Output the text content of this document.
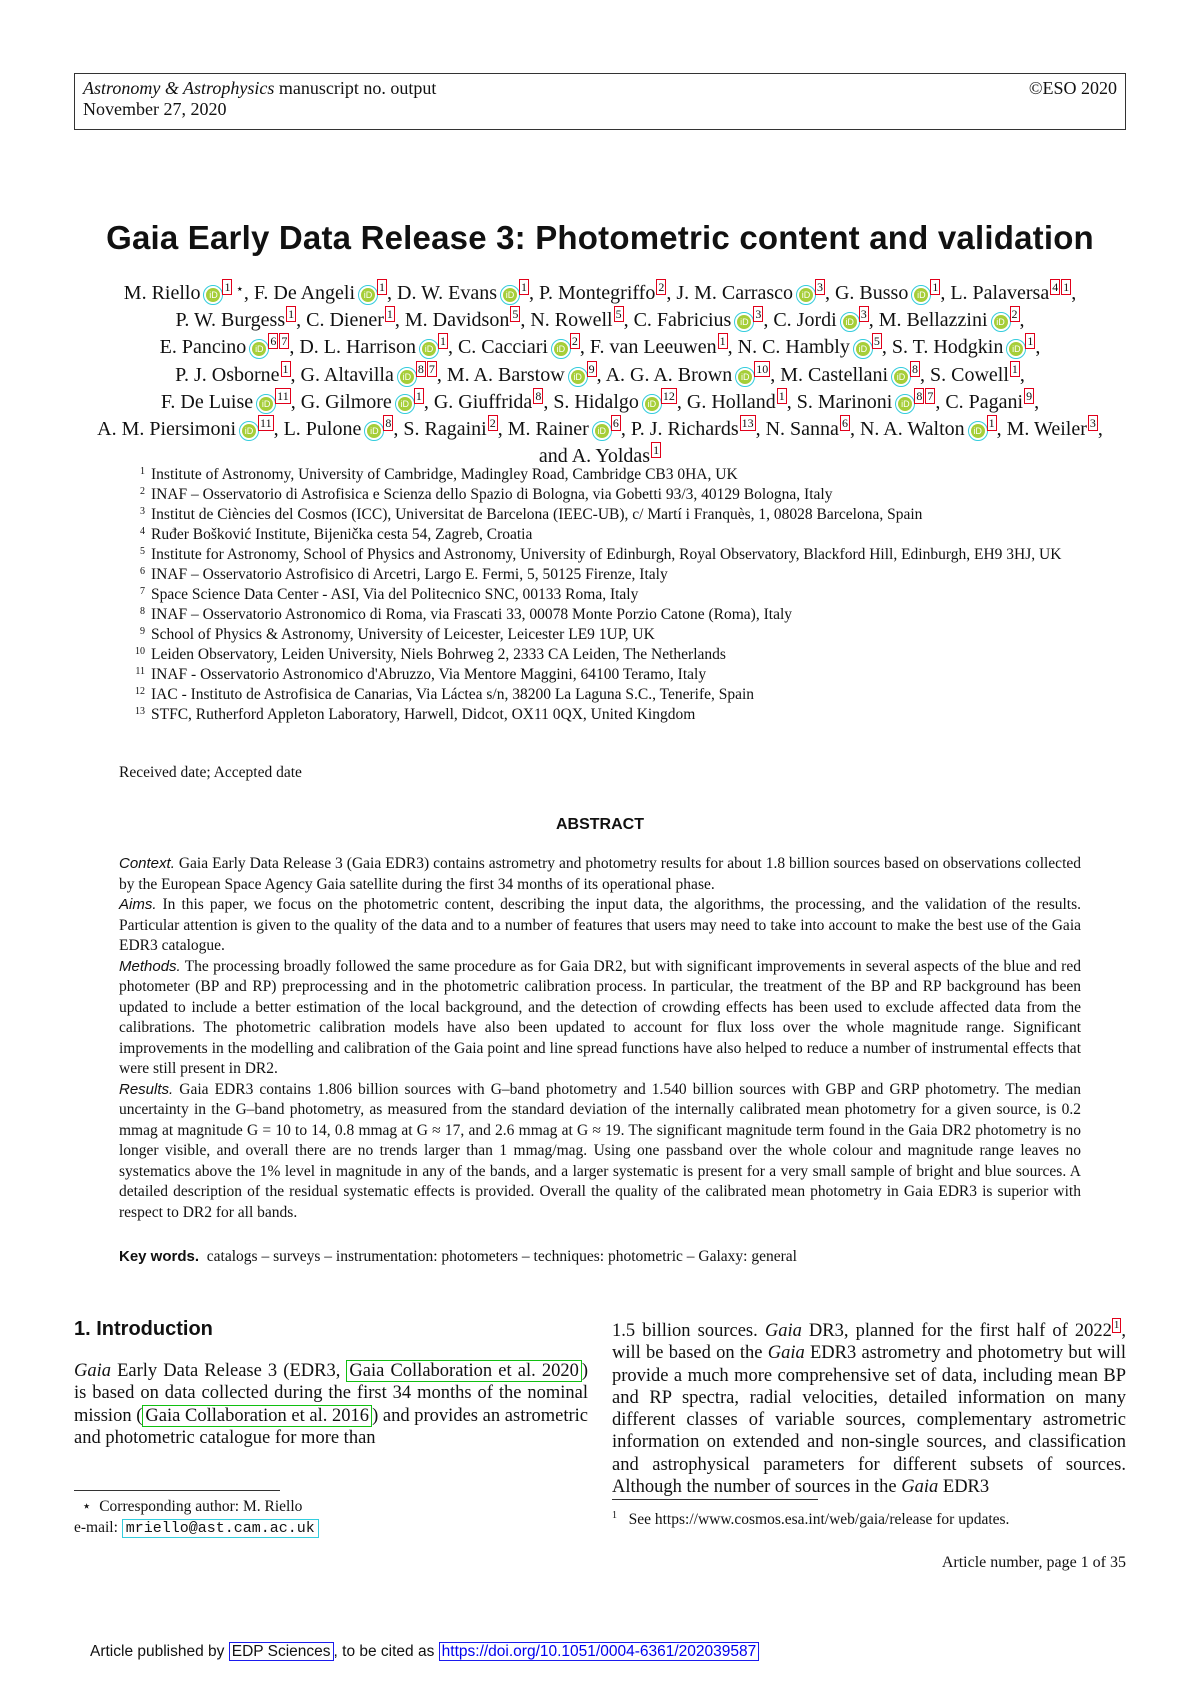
Astronomy & Astrophysics manuscript no. output
November 27, 2020
©ESO 2020
Gaia Early Data Release 3: Photometric content and validation
M. Riello iD1 ⋆, F. De Angeli iD1 , D. W. Evans iD1 , P. Montegriffo 2 , J. M. Carrasco iD3 , G. Busso iD1 , L. Palaversa 4 1 ,
P. W. Burgess 1 , C. Diener 1 , M. Davidson 5 , N. Rowell 5 , C. Fabricius iD3 , C. Jordi iD3 , M. Bellazzini iD2 ,
E. Pancino iD6 7 , D. L. Harrison iD1 , C. Cacciari iD2 , F. van Leeuwen 1 , N. C. Hambly iD5 , S. T. Hodgkin iD1 ,
P. J. Osborne 1 , G. Altavilla iD8 7 , M. A. Barstow iD9 , A. G. A. Brown iD10 , M. Castellani iD8 , S. Cowell 1 ,
F. De Luise iD11 , G. Gilmore iD1 , G. Giuffrida 8 , S. Hidalgo iD12 , G. Holland 1 , S. Marinoni iD8 7 , C. Pagani 9 ,
A. M. Piersimoni iD11 , L. Pulone iD8 , S. Ragaini 2 , M. Rainer iD6 , P. J. Richards 13 , N. Sanna 6 , N. A. Walton iD1 , M. Weiler 3 , and A. Yoldas 1
1 Institute of Astronomy, University of Cambridge, Madingley Road, Cambridge CB3 0HA, UK
2 INAF – Osservatorio di Astrofisica e Scienza dello Spazio di Bologna, via Gobetti 93/3, 40129 Bologna, Italy
3 Institut de Ciències del Cosmos (ICC), Universitat de Barcelona (IEEC-UB), c/ Martí i Franquès, 1, 08028 Barcelona, Spain
4 Ruđer Bošković Institute, Bijenička cesta 54, Zagreb, Croatia
5 Institute for Astronomy, School of Physics and Astronomy, University of Edinburgh, Royal Observatory, Blackford Hill, Edinburgh, EH9 3HJ, UK
6 INAF – Osservatorio Astrofisico di Arcetri, Largo E. Fermi, 5, 50125 Firenze, Italy
7 Space Science Data Center - ASI, Via del Politecnico SNC, 00133 Roma, Italy
8 INAF – Osservatorio Astronomico di Roma, via Frascati 33, 00078 Monte Porzio Catone (Roma), Italy
9 School of Physics & Astronomy, University of Leicester, Leicester LE9 1UP, UK
10 Leiden Observatory, Leiden University, Niels Bohrweg 2, 2333 CA Leiden, The Netherlands
11 INAF - Osservatorio Astronomico d'Abruzzo, Via Mentore Maggini, 64100 Teramo, Italy
12 IAC - Instituto de Astrofisica de Canarias, Via Láctea s/n, 38200 La Laguna S.C., Tenerife, Spain
13 STFC, Rutherford Appleton Laboratory, Harwell, Didcot, OX11 0QX, United Kingdom
Received date; Accepted date
ABSTRACT

Context. Gaia Early Data Release 3 (Gaia EDR3) contains astrometry and photometry results for about 1.8 billion sources based on observations collected by the European Space Agency Gaia satellite during the first 34 months of its operational phase.

Aims. In this paper, we focus on the photometric content, describing the input data, the algorithms, the processing, and the validation of the results. Particular attention is given to the quality of the data and to a number of features that users may need to take into account to make the best use of the Gaia EDR3 catalogue.

Methods. The processing broadly followed the same procedure as for Gaia DR2, but with significant improvements in several aspects of the blue and red photometer (BP and RP) preprocessing and in the photometric calibration process. In particular, the treatment of the BP and RP background has been updated to include a better estimation of the local background, and the detection of crowding effects has been used to exclude affected data from the calibrations. The photometric calibration models have also been updated to account for flux loss over the whole magnitude range. Significant improvements in the modelling and calibration of the Gaia point and line spread functions have also helped to reduce a number of instrumental effects that were still present in DR2.

Results. Gaia EDR3 contains 1.806 billion sources with G–band photometry and 1.540 billion sources with GBP and GRP photometry. The median uncertainty in the G–band photometry, as measured from the standard deviation of the internally calibrated mean photometry for a given source, is 0.2 mmag at magnitude G = 10 to 14, 0.8 mmag at G ≈ 17, and 2.6 mmag at G ≈ 19. The significant magnitude term found in the Gaia DR2 photometry is no longer visible, and overall there are no trends larger than 1 mmag/mag. Using one passband over the whole colour and magnitude range leaves no systematics above the 1% level in magnitude in any of the bands, and a larger systematic is present for a very small sample of bright and blue sources. A detailed description of the residual systematic effects is provided. Overall the quality of the calibrated mean photometry in Gaia EDR3 is superior with respect to DR2 for all bands.

Key words. catalogs – surveys – instrumentation: photometers – techniques: photometric – Galaxy: general
1. Introduction
Gaia Early Data Release 3 (EDR3, Gaia Collaboration et al. 2020 ) is based on data collected during the first 34 months of the nominal mission ( Gaia Collaboration et al. 2016 ) and provides an astrometric and photometric catalogue for more than
1.5 billion sources. Gaia DR3, planned for the first half of 2022 1 , will be based on the Gaia EDR3 astrometry and photometry but will provide a much more comprehensive set of data, including mean BP and RP spectra, radial velocities, detailed information on many different classes of variable sources, complementary astrometric information on extended and non-single sources, and classification and astrophysical parameters for different subsets of sources. Although the number of sources in the Gaia EDR3
⋆ Corresponding author: M. Riello
e-mail: mriello@ast.cam.ac.uk
$^1$ See https://www.cosmos.esa.int/web/gaia/release for updates.
Article number, page 1 of 35
Article published by EDP Sciences , to be cited as https://doi.org/10.1051/0004-6361/202039587
